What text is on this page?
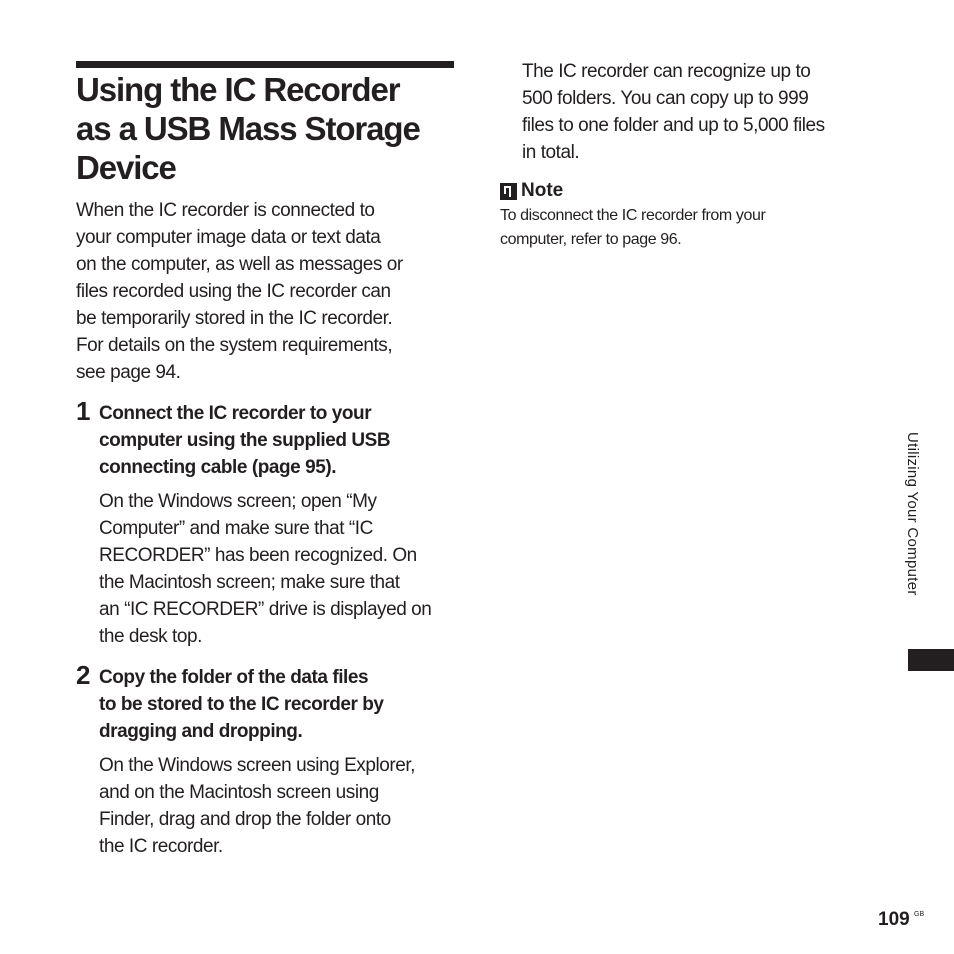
Using the IC Recorder
as a USB Mass Storage
Device

When the IC recorder is connected to
your computer image data or text data
on the computer, as well as messages or
files recorded using the IC recorder can
be temporarily stored in the IC recorder.
For details on the system requirements,
see page 94.

1 Connect the IC recorder to your
computer using the supplied USB
connecting cable (page 95).

On the Windows screen; open “My
Computer” and make sure that “IC
RECORDER” has been recognized. On
the Macintosh screen; make sure that
an “IC RECORDER” drive is displayed on
the desk top.

2 Copy the folder of the data files
to be stored to the IC recorder by
dragging and dropping.

On the Windows screen using Explorer,
and on the Macintosh screen using
Finder, drag and drop the folder onto
the IC recorder.

The IC recorder can recognize up to
500 folders. You can copy up to 999
files to one folder and up to 5,000 files
in total.

Note

To disconnect the IC recorder from your
computer, refer to page 96.

Utilizing Your Computer
109 GB
